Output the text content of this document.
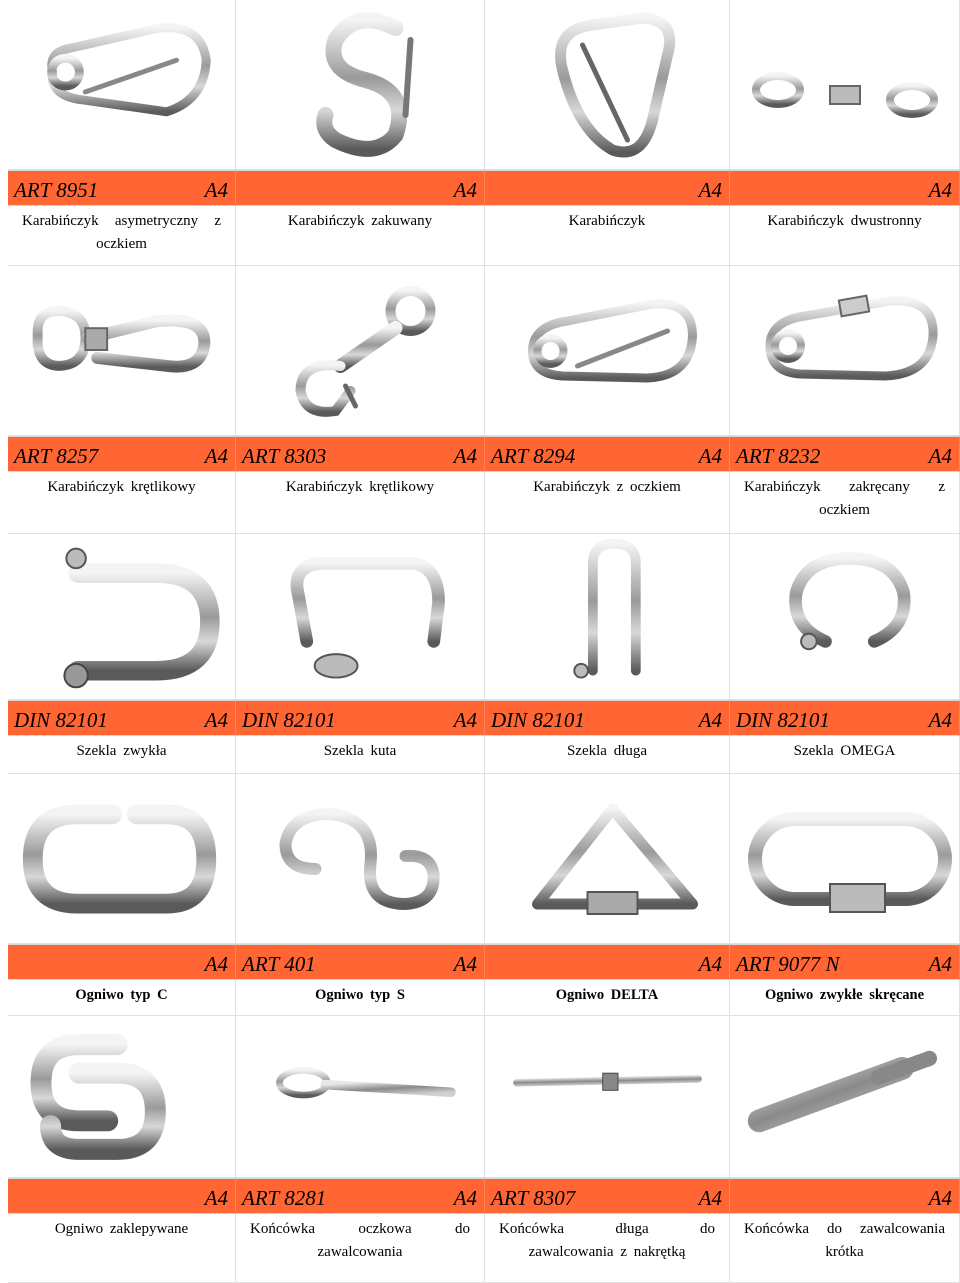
ART 8951	A4
Karabińczyk asymetryczny z oczkiem
A4
Karabińczyk zakuwany
A4
Karabińczyk
A4
Karabińczyk dwustronny
ART 8257	A4
Karabińczyk krętlikowy
ART 8303	A4
Karabińczyk krętlikowy
ART 8294	A4
Karabińczyk z oczkiem
ART 8232	A4
Karabińczyk zakręcany z oczkiem
DIN 82101	A4
Szekla zwykła
DIN 82101	A4
Szekla kuta
DIN 82101	A4
Szekla długa
DIN 82101	A4
Szekla OMEGA
A4
Ogniwo typ C
ART 401	A4
Ogniwo typ S
A4
Ogniwo DELTA
ART 9077 N	A4
Ogniwo zwykłe skręcane
A4
Ogniwo zaklepywane
ART 8281	A4
Końcówka oczkowa do zawalcowania
ART 8307	A4
Końcówka długa do zawalcowania z nakrętką
A4
Końcówka do zawalcowania krótka
